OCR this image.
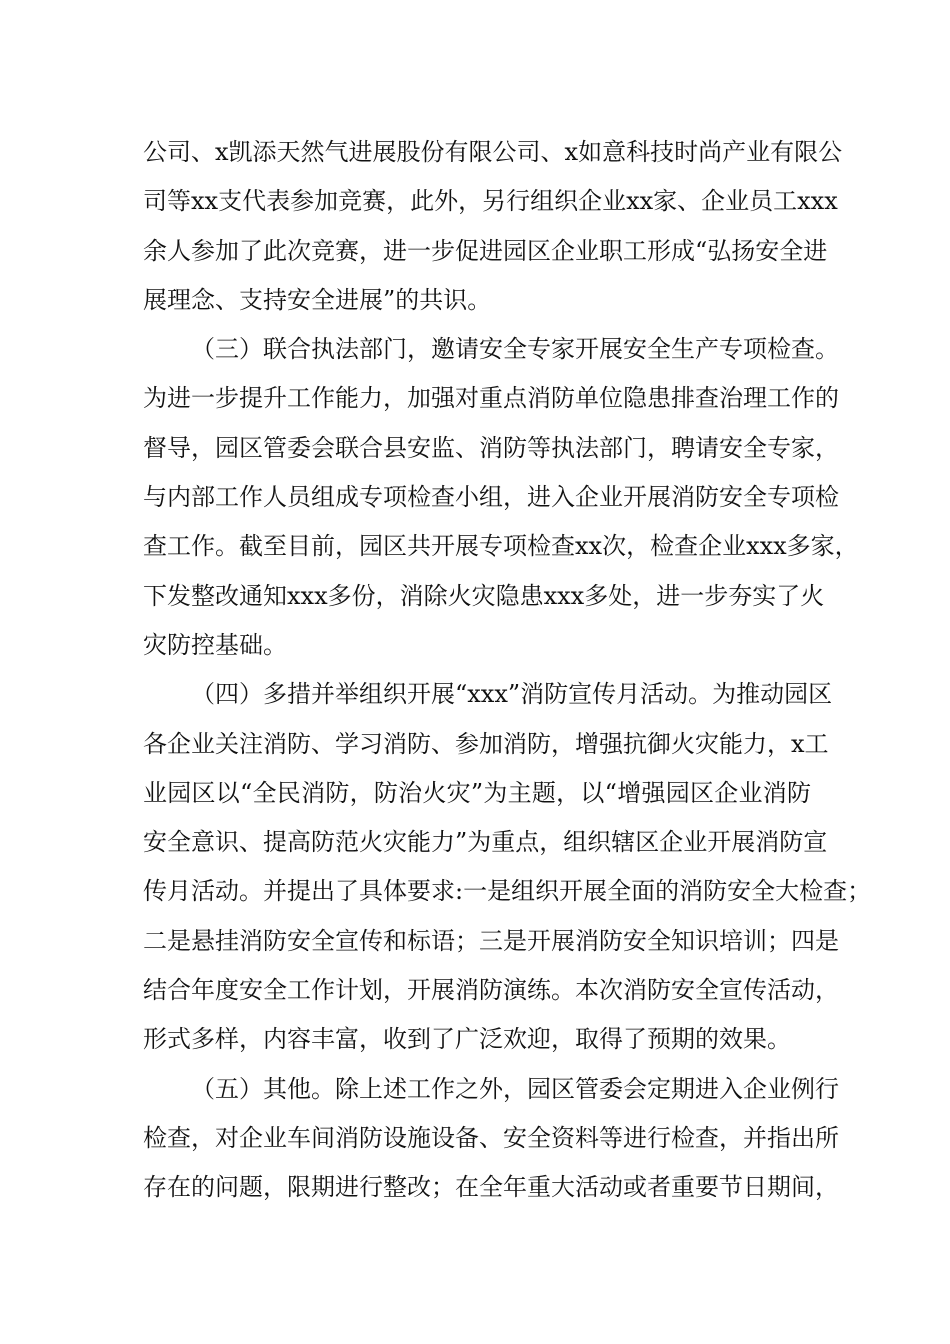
公司、x凯添天然气进展股份有限公司、x如意科技时尚产业有限公
司等xx支代表参加竞赛，此外，另行组织企业xx家、企业员工xxx
余人参加了此次竞赛，进一步促进园区企业职工形成“弘扬安全进
展理念、支持安全进展”的共识。
（三）联合执法部门，邀请安全专家开展安全生产专项检查。
为进一步提升工作能力，加强对重点消防单位隐患排查治理工作的
督导，园区管委会联合县安监、消防等执法部门，聘请安全专家，
与内部工作人员组成专项检查小组，进入企业开展消防安全专项检
查工作。截至目前，园区共开展专项检查xx次，检查企业xxx多家，
下发整改通知xxx多份，消除火灾隐患xxx多处，进一步夯实了火
灾防控基础。
（四）多措并举组织开展“xxx”消防宣传月活动。为推动园区
各企业关注消防、学习消防、参加消防，增强抗御火灾能力，x工
业园区以“全民消防，防治火灾”为主题，以“增强园区企业消防
安全意识、提高防范火灾能力”为重点，组织辖区企业开展消防宣
传月活动。并提出了具体要求:一是组织开展全面的消防安全大检查；
二是悬挂消防安全宣传和标语；三是开展消防安全知识培训；四是
结合年度安全工作计划，开展消防演练。本次消防安全宣传活动，
形式多样，内容丰富，收到了广泛欢迎，取得了预期的效果。
（五）其他。除上述工作之外，园区管委会定期进入企业例行
检查，对企业车间消防设施设备、安全资料等进行检查，并指出所
存在的问题，限期进行整改；在全年重大活动或者重要节日期间，
